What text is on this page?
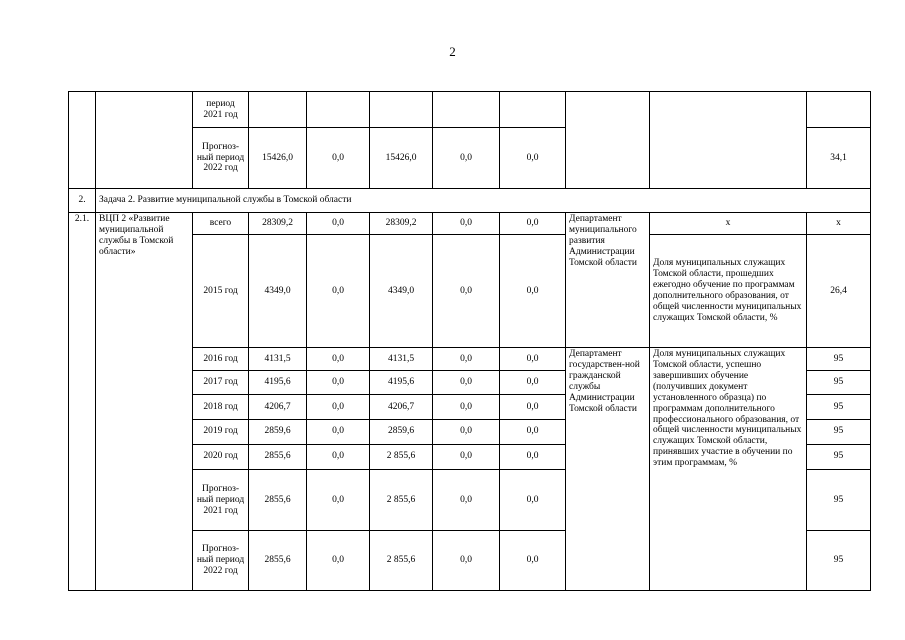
2
		период 2021 год								
		Прогноз-ный период 2022 год	15426,0	0,0	15426,0	0,0	0,0			34,1
2.	Задача 2. Развитие муниципальной службы в Томской области									
2.1.	ВЦП 2 «Развитие муниципальной службы в Томской области»	всего	28309,2	0,0	28309,2	0,0	0,0	Департамент муниципального развития Администрации Томской области	х	х
		2015 год	4349,0	0,0	4349,0	0,0	0,0		Доля муниципальных служащих Томской области, прошедших ежегодно обучение по программам дополнительного образования, от общей численности муниципальных служащих Томской области, %	26,4
		2016 год	4131,5	0,0	4131,5	0,0	0,0	Департамент государствен-ной гражданской службы Администрации Томской области	Доля муниципальных служащих Томской области, успешно завершивших обучение (получивших документ установленного образца) по программам дополнительного профессионального образования, от общей численности муниципальных служащих Томской области, принявших участие в обучении по этим программам, %	95
		2017 год	4195,6	0,0	4195,6	0,0	0,0			95
		2018 год	4206,7	0,0	4206,7	0,0	0,0			95
		2019 год	2859,6	0,0	2859,6	0,0	0,0			95
		2020 год	2855,6	0,0	2 855,6	0,0	0,0			95
		Прогноз-ный период 2021 год	2855,6	0,0	2 855,6	0,0	0,0			95
		Прогноз-ный период 2022 год	2855,6	0,0	2 855,6	0,0	0,0			95
